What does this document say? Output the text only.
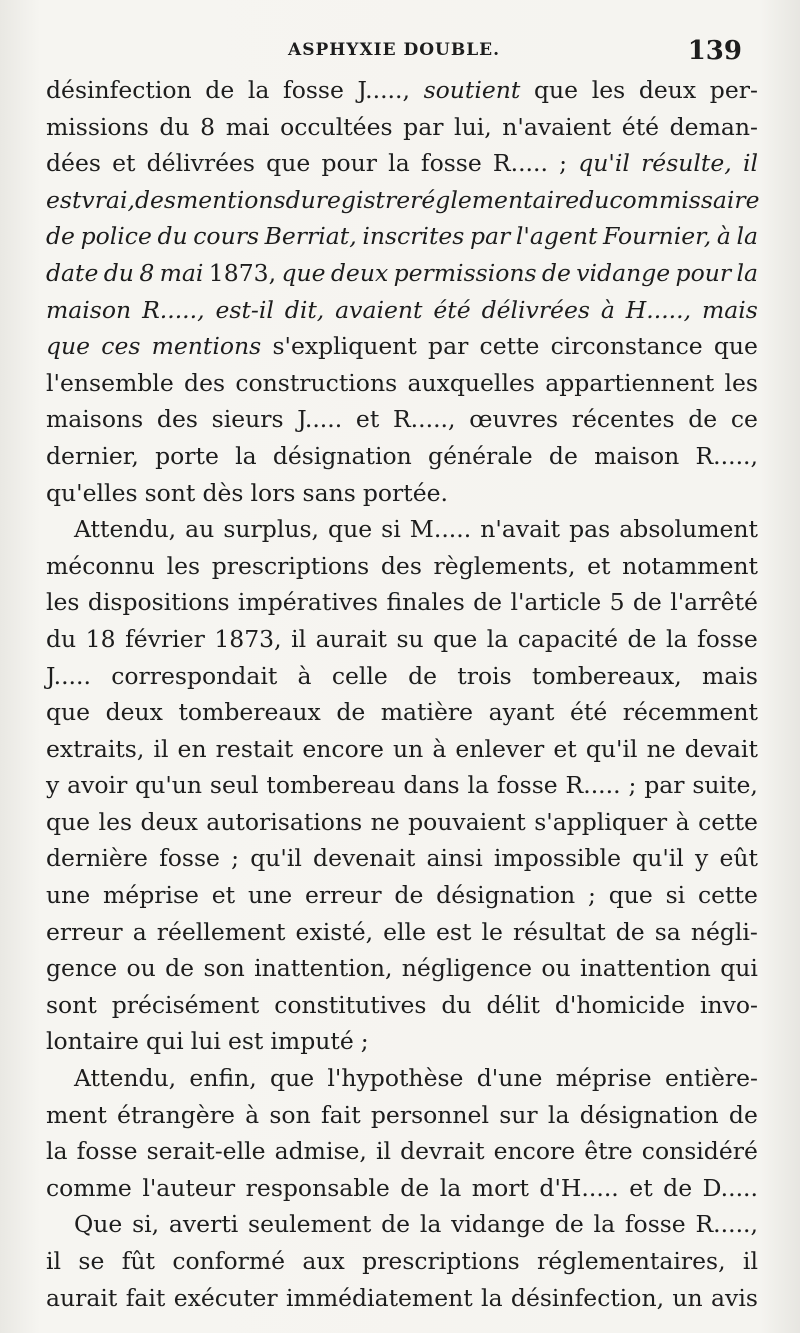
ASPHYXIE DOUBLE.	139
désinfection de la fosse J....., soutient que les deux per-
missions du 8 mai occultées par lui, n'avaient été deman-
dées et délivrées que pour la fosse R..... ; qu'il résulte, il
est vrai, des mentions du registre réglementaire du commissaire
de police du cours Berriat, inscrites par l'agent Fournier, à la
date du 8 mai 1873, que deux permissions de vidange pour la
maison R....., est-il dit, avaient été délivrées à H....., mais
que ces mentions s'expliquent par cette circonstance que
l'ensemble des constructions auxquelles appartiennent les
maisons des sieurs J..... et R....., œuvres récentes de ce
dernier, porte la désignation générale de maison R.....,
qu'elles sont dès lors sans portée.
Attendu, au surplus, que si M..... n'avait pas absolument
méconnu les prescriptions des règlements, et notamment
les dispositions impératives finales de l'article 5 de l'arrêté
du 18 février 1873, il aurait su que la capacité de la fosse
J..... correspondait à celle de trois tombereaux, mais
que deux tombereaux de matière ayant été récemment
extraits, il en restait encore un à enlever et qu'il ne devait
y avoir qu'un seul tombereau dans la fosse R..... ; par suite,
que les deux autorisations ne pouvaient s'appliquer à cette
dernière fosse ; qu'il devenait ainsi impossible qu'il y eût
une méprise et une erreur de désignation ; que si cette
erreur a réellement existé, elle est le résultat de sa négli-
gence ou de son inattention, négligence ou inattention qui
sont précisément constitutives du délit d'homicide invo-
lontaire qui lui est imputé ;
Attendu, enfin, que l'hypothèse d'une méprise entière-
ment étrangère à son fait personnel sur la désignation de
la fosse serait-elle admise, il devrait encore être considéré
comme l'auteur responsable de la mort d'H..... et de D.....
Que si, averti seulement de la vidange de la fosse R.....,
il se fût conformé aux prescriptions réglementaires, il
aurait fait exécuter immédiatement la désinfection, un avis
